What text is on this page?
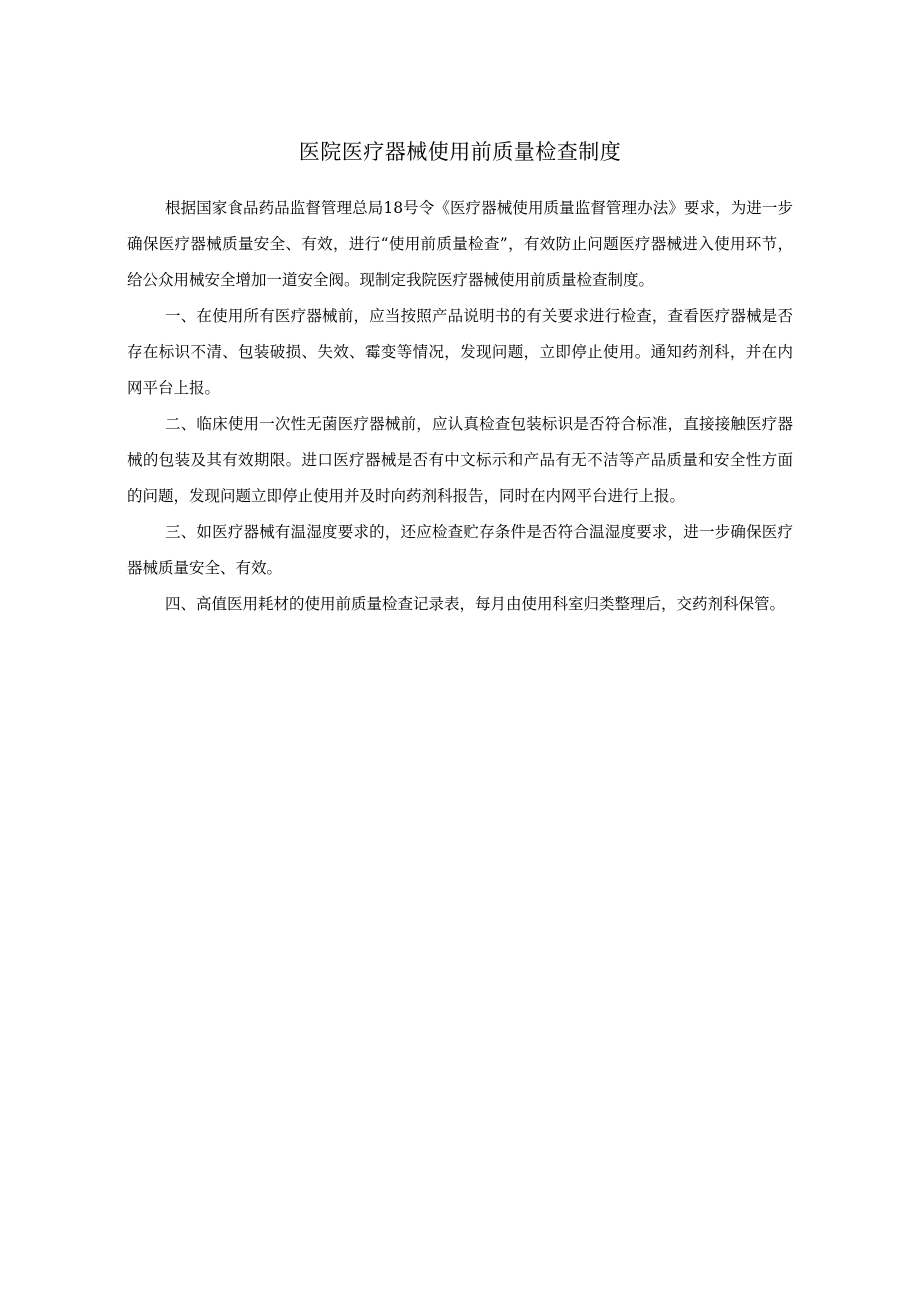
医院医疗器械使用前质量检查制度

根据国家食品药品监督管理总局18号令《医疗器械使用质量监督管理办法》要求，为进一步确保医疗器械质量安全、有效，进行“使用前质量检查”，有效防止问题医疗器械进入使用环节，给公众用械安全增加一道安全阀。现制定我院医疗器械使用前质量检查制度。

一、在使用所有医疗器械前，应当按照产品说明书的有关要求进行检查，查看医疗器械是否存在标识不清、包装破损、失效、霉变等情况，发现问题，立即停止使用。通知药剂科，并在内网平台上报。

二、临床使用一次性无菌医疗器械前，应认真检查包装标识是否符合标准，直接接触医疗器械的包装及其有效期限。进口医疗器械是否有中文标示和产品有无不洁等产品质量和安全性方面的问题，发现问题立即停止使用并及时向药剂科报告，同时在内网平台进行上报。

三、如医疗器械有温湿度要求的，还应检查贮存条件是否符合温湿度要求，进一步确保医疗器械质量安全、有效。

四、高值医用耗材的使用前质量检查记录表，每月由使用科室归类整理后，交药剂科保管。
